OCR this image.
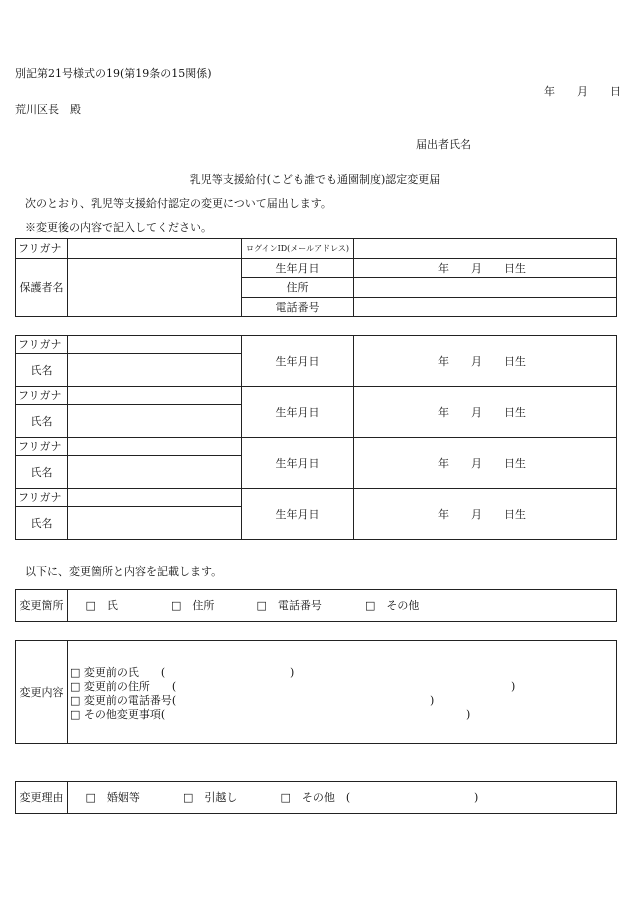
別記第21号様式の19(第19条の15関係)
年　　月　　日
荒川区長　殿
届出者氏名
乳児等支援給付(こども誰でも通園制度)認定変更届
次のとおり、乳児等支援給付認定の変更について届出します。
※変更後の内容で記入してください。
フリガナ		ログインID(メールアドレス)	
保護者名		生年月日	年　　月　　日生
		住所	
		電話番号	
フリガナ		生年月日	年　　月　　日生
氏名			
フリガナ		生年月日	年　　月　　日生
氏名			
フリガナ		生年月日	年　　月　　日生
氏名			
フリガナ		生年月日	年　　月　　日生
氏名			
以下に、変更箇所と内容を記載します。
変更箇所	□　氏	□　住所	□　電話番号	□　その他
変更内容	
□ 変更前の氏　　(	)
□ 変更前の住所　　(	)
□ 変更前の電話番号(	)
□ その他変更事項(	)
変更理由	□　婚姻等	□　引越し	□　その他　(	)
